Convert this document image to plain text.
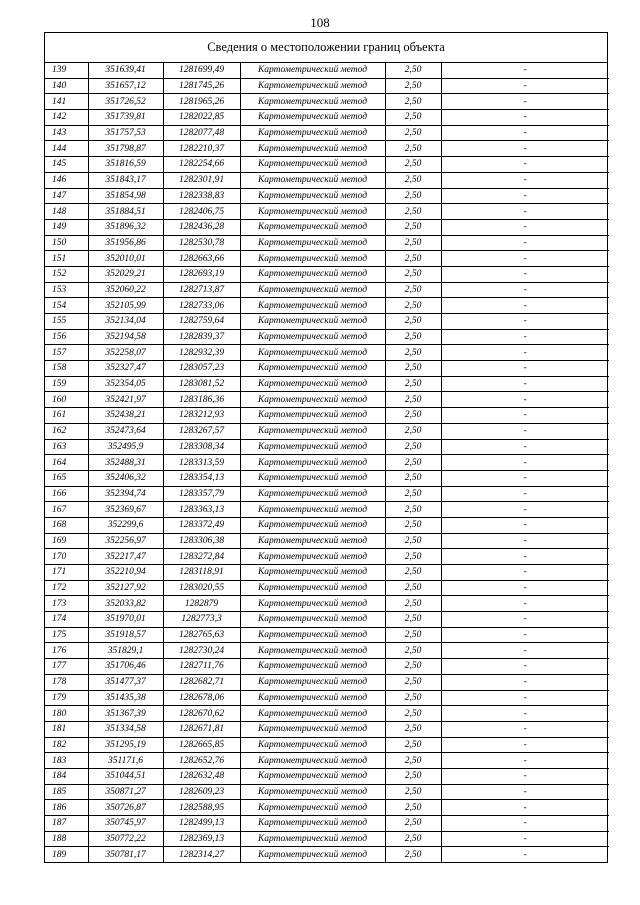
108
Сведения о местоположении границ объекта
139	351639,41	1281699,49	Картометрический метод	2,50	-
140	351657,12	1281745,26	Картометрический метод	2,50	-
141	351726,52	1281965,26	Картометрический метод	2,50	-
142	351739,81	1282022,85	Картометрический метод	2,50	-
143	351757,53	1282077,48	Картометрический метод	2,50	-
144	351798,87	1282210,37	Картометрический метод	2,50	-
145	351816,59	1282254,66	Картометрический метод	2,50	-
146	351843,17	1282301,91	Картометрический метод	2,50	-
147	351854,98	1282338,83	Картометрический метод	2,50	-
148	351884,51	1282406,75	Картометрический метод	2,50	-
149	351896,32	1282436,28	Картометрический метод	2,50	-
150	351956,86	1282530,78	Картометрический метод	2,50	-
151	352010,01	1282663,66	Картометрический метод	2,50	-
152	352029,21	1282693,19	Картометрический метод	2,50	-
153	352060,22	1282713,87	Картометрический метод	2,50	-
154	352105,99	1282733,06	Картометрический метод	2,50	-
155	352134,04	1282759,64	Картометрический метод	2,50	-
156	352194,58	1282839,37	Картометрический метод	2,50	-
157	352258,07	1282932,39	Картометрический метод	2,50	-
158	352327,47	1283057,23	Картометрический метод	2,50	-
159	352354,05	1283081,52	Картометрический метод	2,50	-
160	352421,97	1283186,36	Картометрический метод	2,50	-
161	352438,21	1283212,93	Картометрический метод	2,50	-
162	352473,64	1283267,57	Картометрический метод	2,50	-
163	352495,9	1283308,34	Картометрический метод	2,50	-
164	352488,31	1283313,59	Картометрический метод	2,50	-
165	352406,32	1283354,13	Картометрический метод	2,50	-
166	352394,74	1283357,79	Картометрический метод	2,50	-
167	352369,67	1283363,13	Картометрический метод	2,50	-
168	352299,6	1283372,49	Картометрический метод	2,50	-
169	352256,97	1283306,38	Картометрический метод	2,50	-
170	352217,47	1283272,84	Картометрический метод	2,50	-
171	352210,94	1283118,91	Картометрический метод	2,50	-
172	352127,92	1283020,55	Картометрический метод	2,50	-
173	352033,82	1282879	Картометрический метод	2,50	-
174	351970,01	1282773,3	Картометрический метод	2,50	-
175	351918,57	1282765,63	Картометрический метод	2,50	-
176	351829,1	1282730,24	Картометрический метод	2,50	-
177	351706,46	1282711,76	Картометрический метод	2,50	-
178	351477,37	1282682,71	Картометрический метод	2,50	-
179	351435,38	1282678,06	Картометрический метод	2,50	-
180	351367,39	1282670,62	Картометрический метод	2,50	-
181	351334,58	1282671,81	Картометрический метод	2,50	-
182	351295,19	1282665,85	Картометрический метод	2,50	-
183	351171,6	1282652,76	Картометрический метод	2,50	-
184	351044,51	1282632,48	Картометрический метод	2,50	-
185	350871,27	1282609,23	Картометрический метод	2,50	-
186	350726,87	1282588,95	Картометрический метод	2,50	-
187	350745,97	1282499,13	Картометрический метод	2,50	-
188	350772,22	1282369,13	Картометрический метод	2,50	-
189	350781,17	1282314,27	Картометрический метод	2,50	-
